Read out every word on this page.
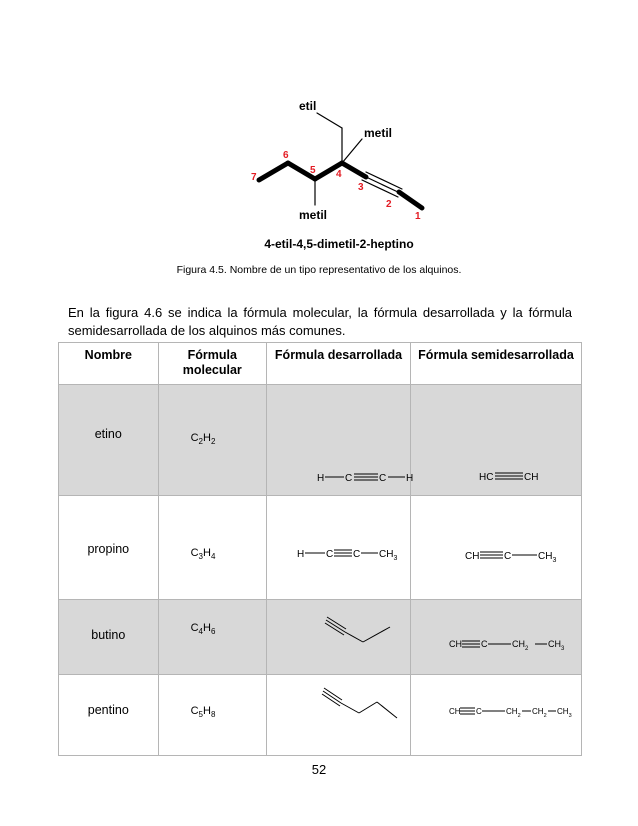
etil
metil
metil	1
2
3
4
5
6
7
4-etil-4,5-dimetil-2-heptino
Figura 4.5. Nombre de un tipo representativo de los alquinos.
En la figura 4.6 se indica la fórmula molecular, la fórmula desarrollada y la fórmula semidesarrollada de los alquinos más comunes.
Nombre	Fórmula molecular	Fórmula desarrollada	Fórmula semidesarrollada
etino	$C_2H_2$	H C C H	HC CH

propino	$C_3H_4$	H C C $CH_3$	CH C $CH_3$

butino	$C_4H_6$		CH C $CH_2$ $CH_3$

pentino	$C_5H_8$		CH C $CH_2$ $CH_2$ $CH_3$
52
